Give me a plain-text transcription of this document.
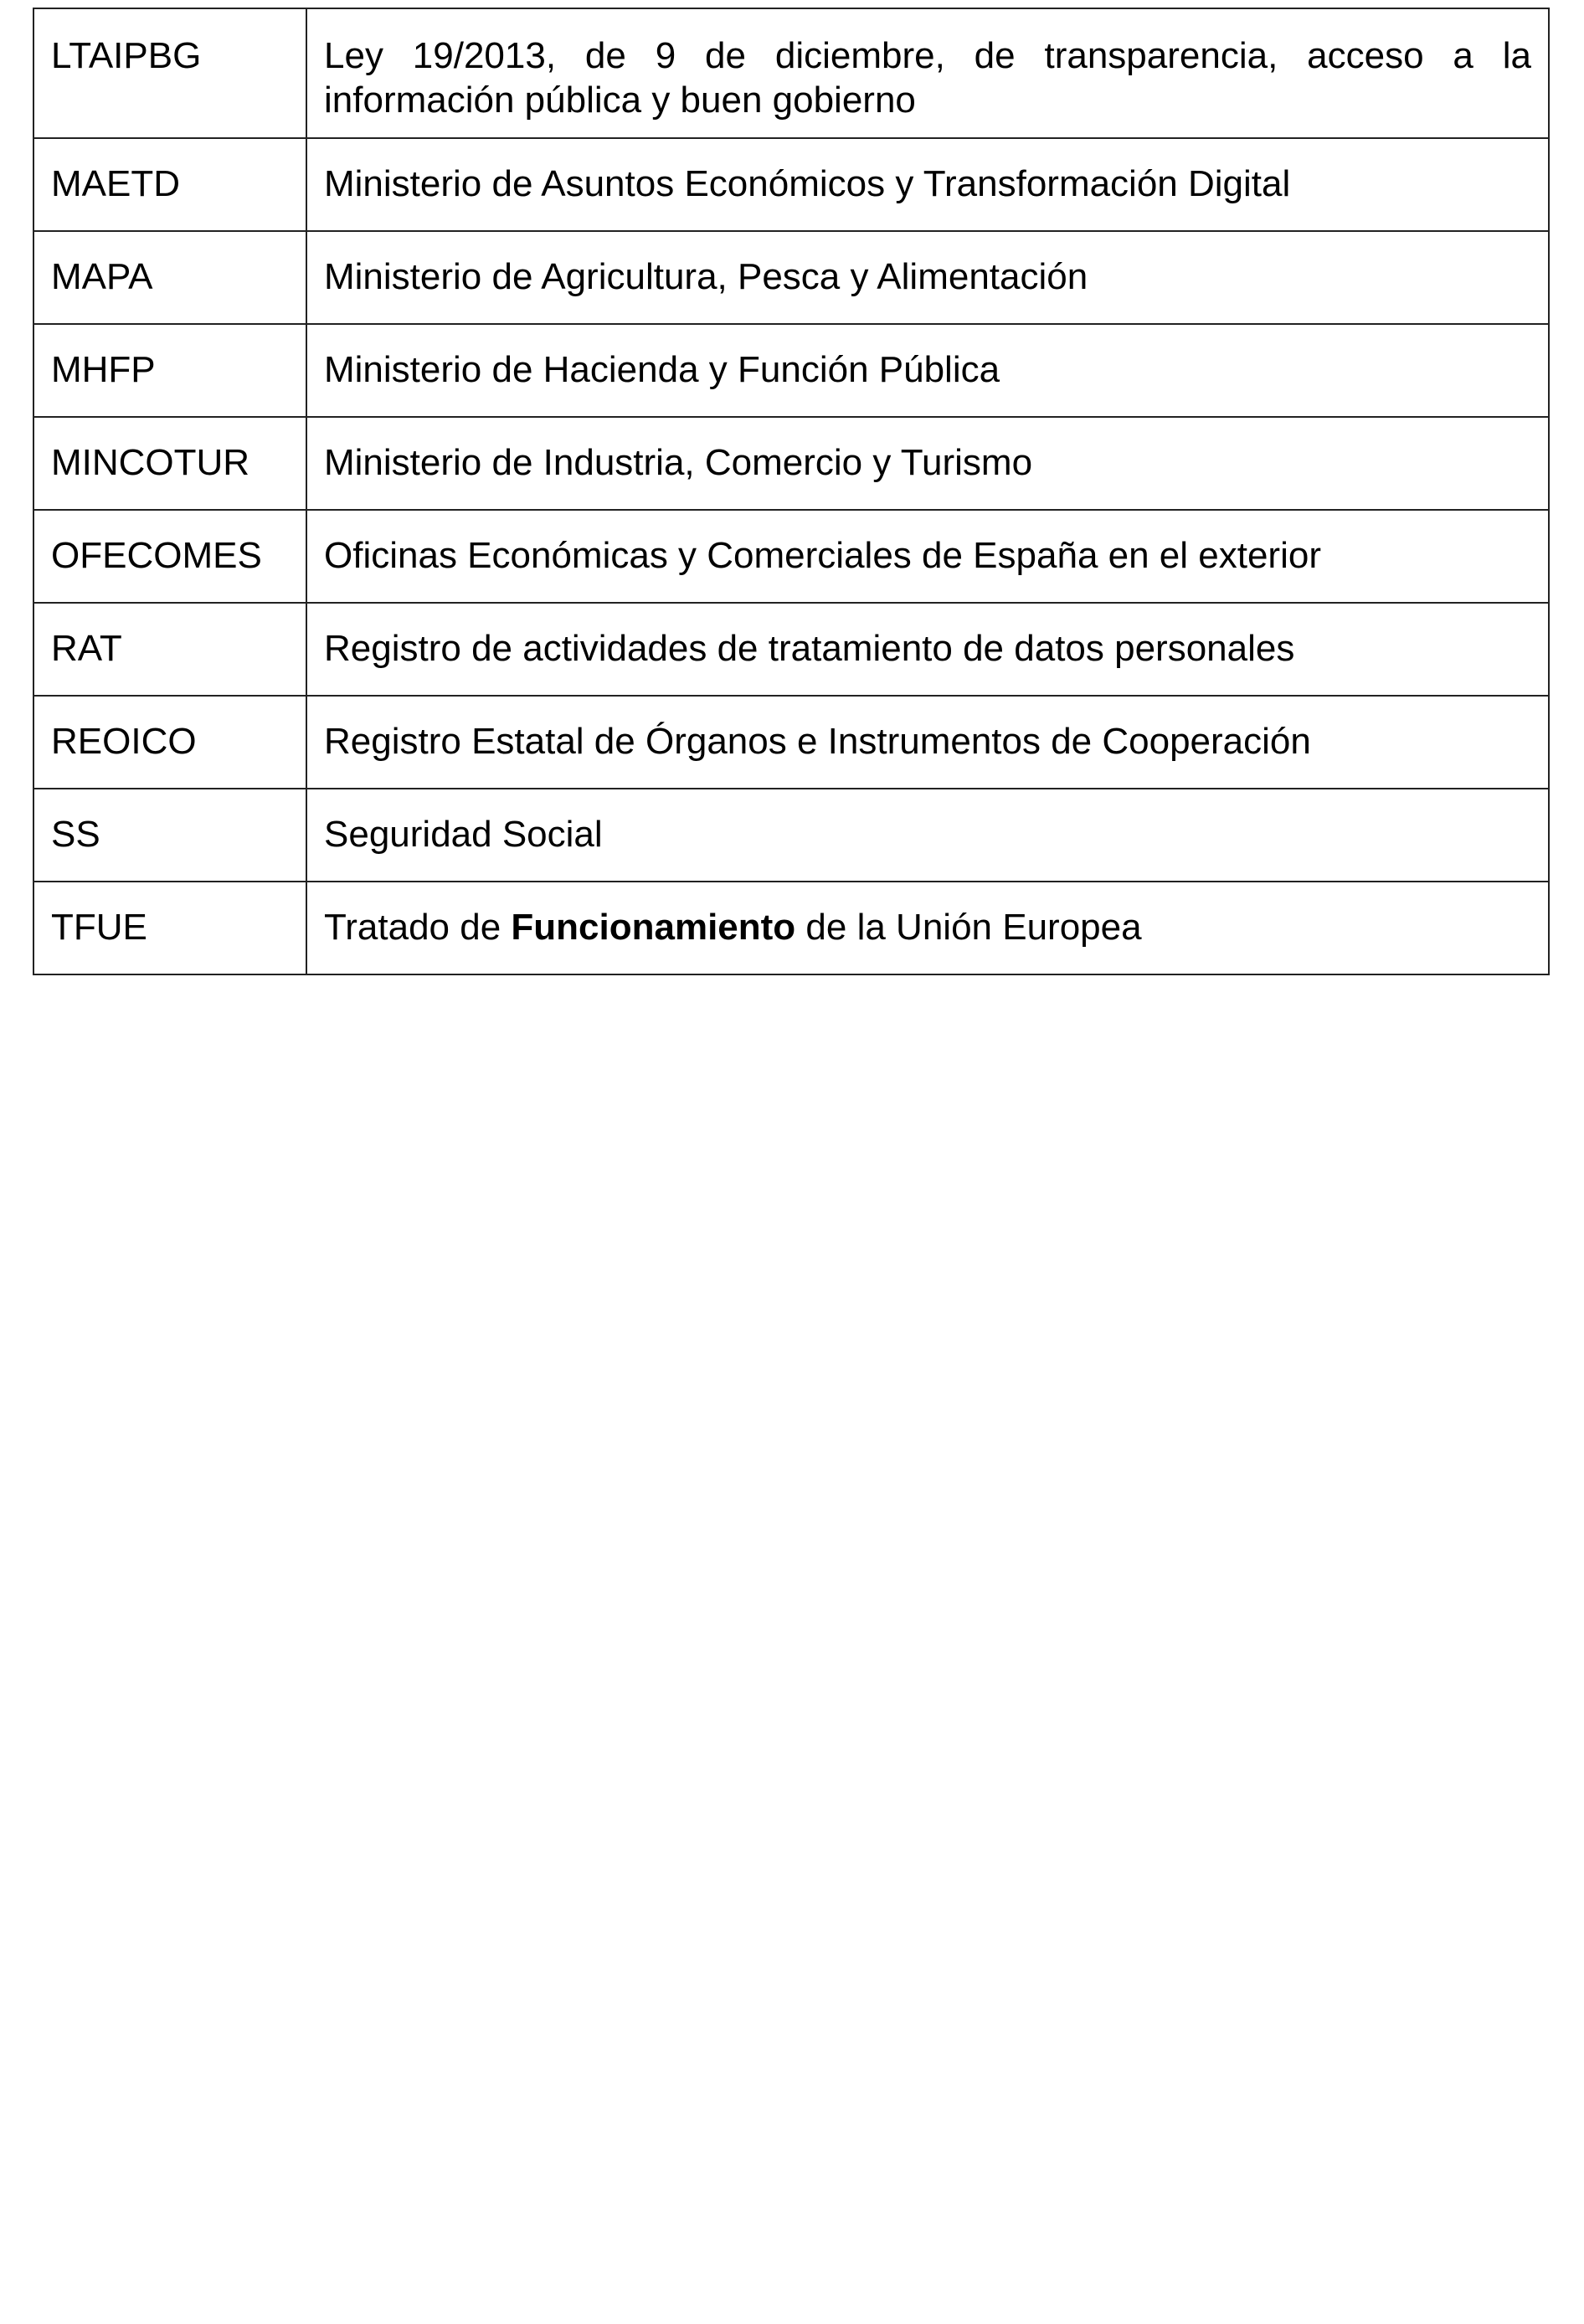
LTAIPBG	Ley 19/2013, de 9 de diciembre, de transparencia, acceso a la información pública y buen gobierno
MAETD	Ministerio de Asuntos Económicos y Transformación Digital
MAPA	Ministerio de Agricultura, Pesca y Alimentación
MHFP	Ministerio de Hacienda y Función Pública
MINCOTUR	Ministerio de Industria, Comercio y Turismo
OFECOMES	Oficinas Económicas y Comerciales de España en el exterior
RAT	Registro de actividades de tratamiento de datos personales
REOICO	Registro Estatal de Órganos e Instrumentos de Cooperación
SS	Seguridad Social
TFUE	Tratado de Funcionamiento de la Unión Europea
